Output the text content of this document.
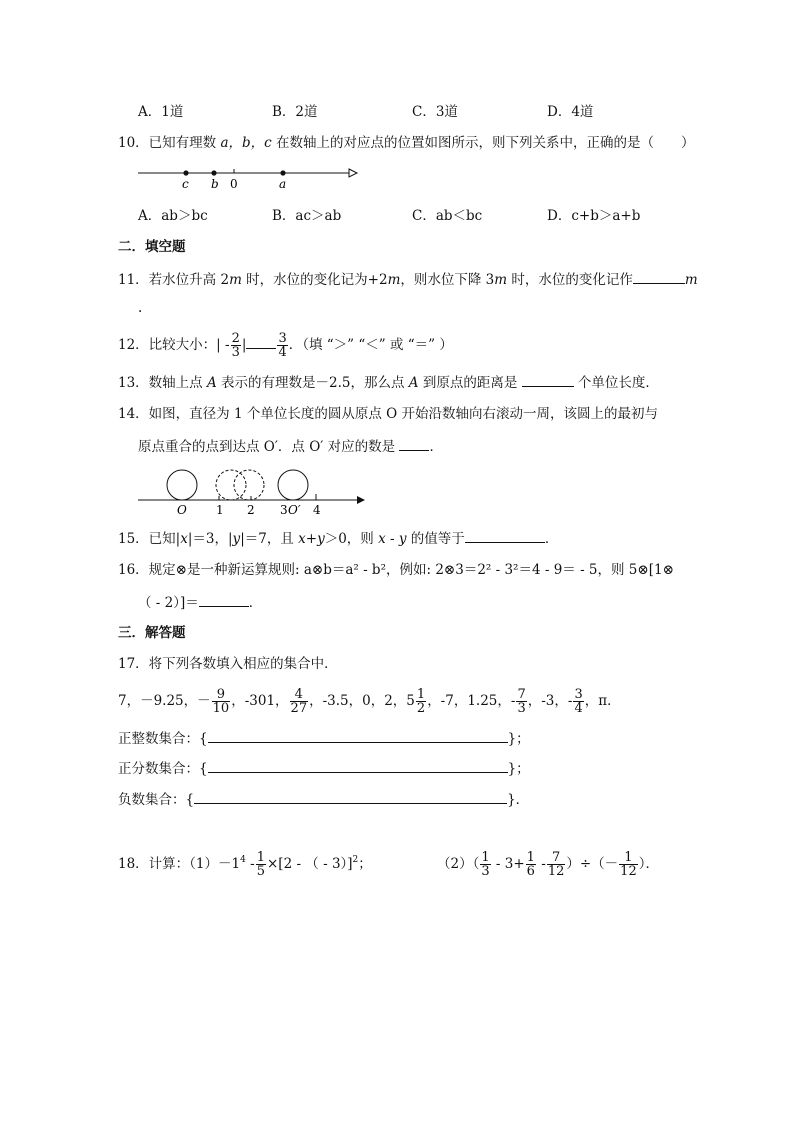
A．1道	B．2道	C．3道	D．4道
10．已知有理数 a，b，c 在数轴上的对应点的位置如图所示，则下列关系中，正确的是（　　）
c b 0	a
A．ab＞bc	B．ac＞ab	C．ab＜bc	D．c+b＞a+b
二．填空题
11．若水位升高 2m 时，水位的变化记为+2m，则水位下降 3m 时，水位的变化记作	m
.
12．比较大小：| - $\frac{2}{3}$ | $\frac{3}{4}$ ．（填 “＞” “＜” 或 “＝” ）
13．数轴上点 A 表示的有理数是－2.5，那么点 A 到原点的距离是	个单位长度．
14．如图，直径为 1 个单位长度的圆从原点 O 开始沿数轴向右滚动一周，该圆上的最初与
原点重合的点到达点 O′．点 O′ 对应的数是 ．
O 1 2 3 O′ 4
15．已知|x|＝3，|y|＝7，且 x+y＞0，则 x - y 的值等于	．
16．规定⊗是一种新运算规则: a⊗b＝a² - b²，例如: 2⊗3＝2² - 3²＝4 - 9＝ - 5，则 5⊗[1⊗
（ - 2）]＝	．
三．解答题
17．将下列各数填入相应的集合中．
7，－9.25，－ $\frac{9}{10}$ ，-301， $\frac{4}{27}$ ，-3.5，0，2，$5 \frac{1}{2}$ ，-7，1.25，- $\frac{7}{3}$ ，-3，- $\frac{3}{4}$ ，π．
正整数集合：{	}；
正分数集合：{	}；
负数集合：{	}．
18．计算：$(1)-1^4 - \frac{1}{5} \times[2$ - （ - 3）]$^2$；	$(2)( \frac{1}{3} - 3+ \frac{1}{6} - \frac{7}{12}$ ）÷（－ $\frac{1}{12}$ ）．
